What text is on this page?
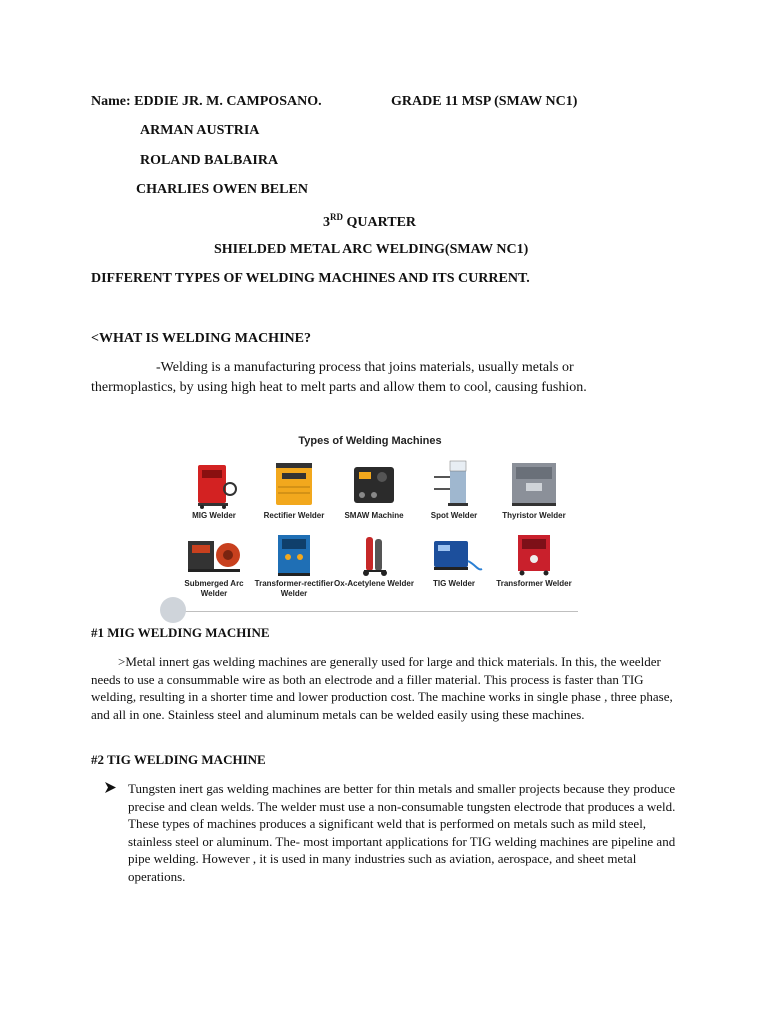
Name: EDDIE JR. M. CAMPOSANO.	GRADE 11 MSP (SMAW NC1)
ARMAN AUSTRIA
ROLAND BALBAIRA
CHARLIES OWEN BELEN
3RD QUARTER
SHIELDED METAL ARC WELDING(SMAW NC1)
DIFFERENT TYPES OF WELDING MACHINES AND ITS CURRENT.
<WHAT IS WELDING MACHINE?
-Welding is a manufacturing process that joins materials, usually metals or
thermoplastics, by using high heat to melt parts and allow them to cool, causing fushion.
Types of Welding Machines
MIG Welder	Rectifier Welder	SMAW Machine	Spot Welder	Thyristor Welder
Submerged Arc Welder
Transformer-rectifier Welder
Ox-Acetylene Welder	TIG Welder	Transformer Welder
#1 MIG WELDING MACHINE
>Metal innert gas welding machines are generally used for large and thick materials. In this, the weelder needs to use a consummable wire as both an electrode and a filler material. This process is faster than TIG welding, resulting in a shorter time and lower production cost. The machine works in single phase , three phase, and all in one. Stainless steel and aluminum metals can be welded easily using these machines.
#2 TIG WELDING MACHINE
Tungsten inert gas welding machines are better for thin metals and smaller projects because they produce precise and clean welds. The welder must use a non-consumable tungsten electrode that produces a weld. These types of machines produces a significant weld that is performed on metals such as mild steel, stainless steel or aluminum. The- most important applications for TIG welding machines are pipeline and pipe welding. However , it is used in many industries such as aviation, aerospace, and sheet metal operations.
